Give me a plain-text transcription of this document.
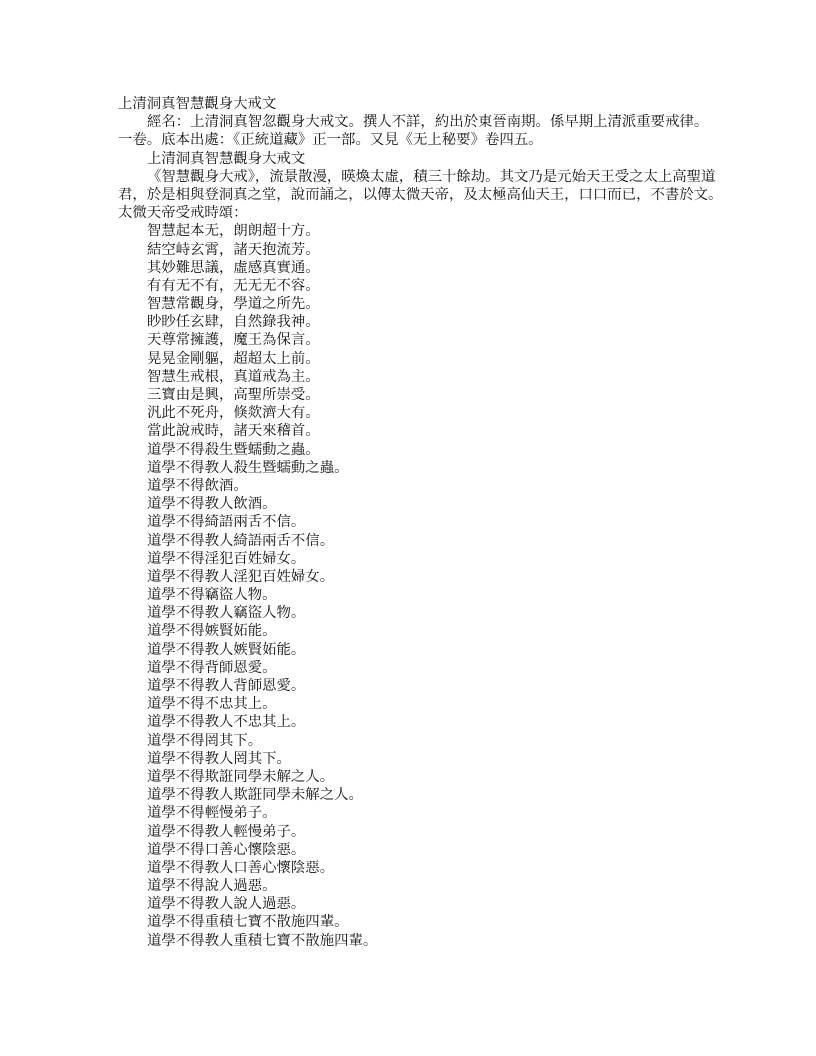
上清洞真智慧觀身大戒文
經名：上清洞真智忽觀身大戒文。撰人不詳，約出於東晉南期。係早期上清派重要戒律。
一卷。底本出處：《正統道藏》正一部。又見《无上秘要》卷四五。
上清洞真智慧觀身大戒文
《智慧觀身大戒》，流景散漫，暎煥太虛，積三十餘劫。其文乃是元始天王受之太上高聖道
君，於是相與登洞真之堂，說而誦之，以傳太微天帝，及太極高仙天王，口口而已，不書於文。
太微天帝受戒時頌：
智慧起本无，朗朗超十方。
結空峙玄霄，諸天抱流芳。
其妙難思議，虛感真實通。
有有无不有，无无无不容。
智慧常觀身，學道之所先。
眇眇任玄肆，自然錄我神。
天尊常擁護，魔王為保言。
晃晃金剛軀，超超太上前。
智慧生戒根，真道戒為主。
三寶由是興，高聖所崇受。
汎此不死舟，倏欻濟大有。
當此說戒時，諸天來稽首。
道學不得殺生暨蠕動之蟲。
道學不得教人殺生暨蠕動之蟲。
道學不得飲酒。
道學不得教人飲酒。
道學不得綺語兩舌不信。
道學不得教人綺語兩舌不信。
道學不得淫犯百姓婦女。
道學不得教人淫犯百姓婦女。
道學不得竊盜人物。
道學不得教人竊盜人物。
道學不得嫉賢妬能。
道學不得教人嫉賢妬能。
道學不得背師恩愛。
道學不得教人背師恩愛。
道學不得不忠其上。
道學不得教人不忠其上。
道學不得罔其下。
道學不得教人罔其下。
道學不得欺誑同學未解之人。
道學不得教人欺誑同學未解之人。
道學不得輕慢弟子。
道學不得教人輕慢弟子。
道學不得口善心懷陰惡。
道學不得教人口善心懷陰惡。
道學不得說人過惡。
道學不得教人說人過惡。
道學不得重積七寶不散施四輩。
道學不得教人重積七寶不散施四輩。
